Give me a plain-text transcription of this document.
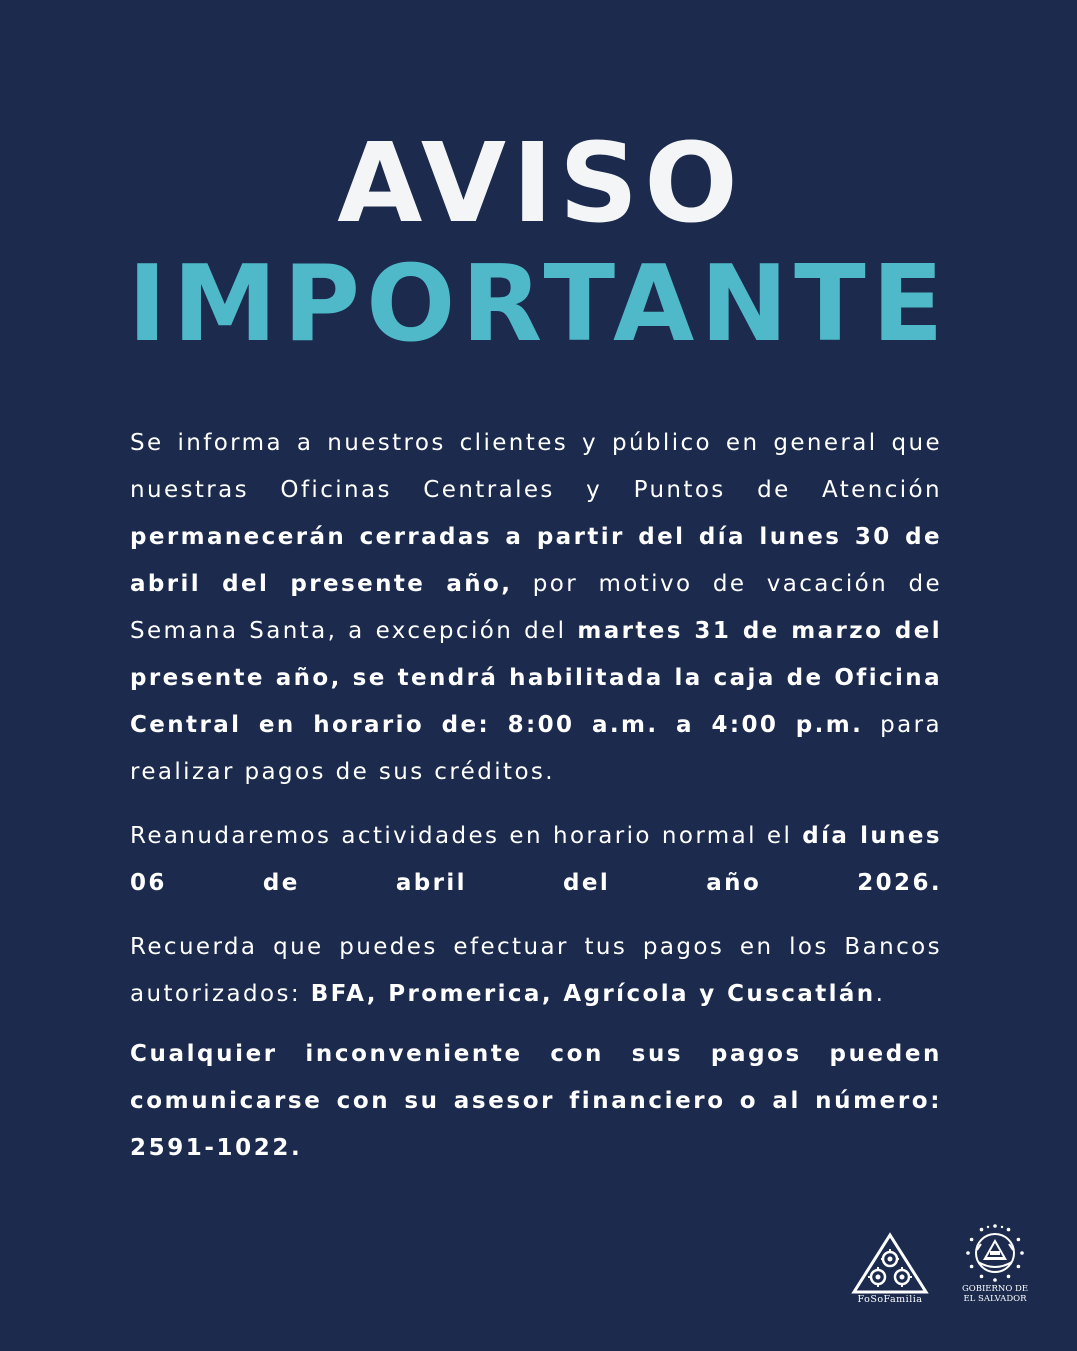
AVISO
IMPORTANTE

Se informa a nuestros clientes y público en general que nuestras Oficinas Centrales y Puntos de Atención permanecerán cerradas a partir del día lunes 30 de abril del presente año, por motivo de vacación de Semana Santa, a excepción del martes 31 de marzo del presente año, se tendrá habilitada la caja de Oficina Central en horario de: 8:00 a.m. a 4:00 p.m. para realizar pagos de sus créditos.

Reanudaremos actividades en horario normal el día lunes 06 de abril del año 2026.

Recuerda que puedes efectuar tus pagos en los Bancos autorizados: BFA, Promerica, Agrícola y Cuscatlán.

Cualquier inconveniente con sus pagos pueden comunicarse con su asesor financiero o al número: 2591-1022.

FoSoFamilia
GOBIERNO DE
EL SALVADOR
